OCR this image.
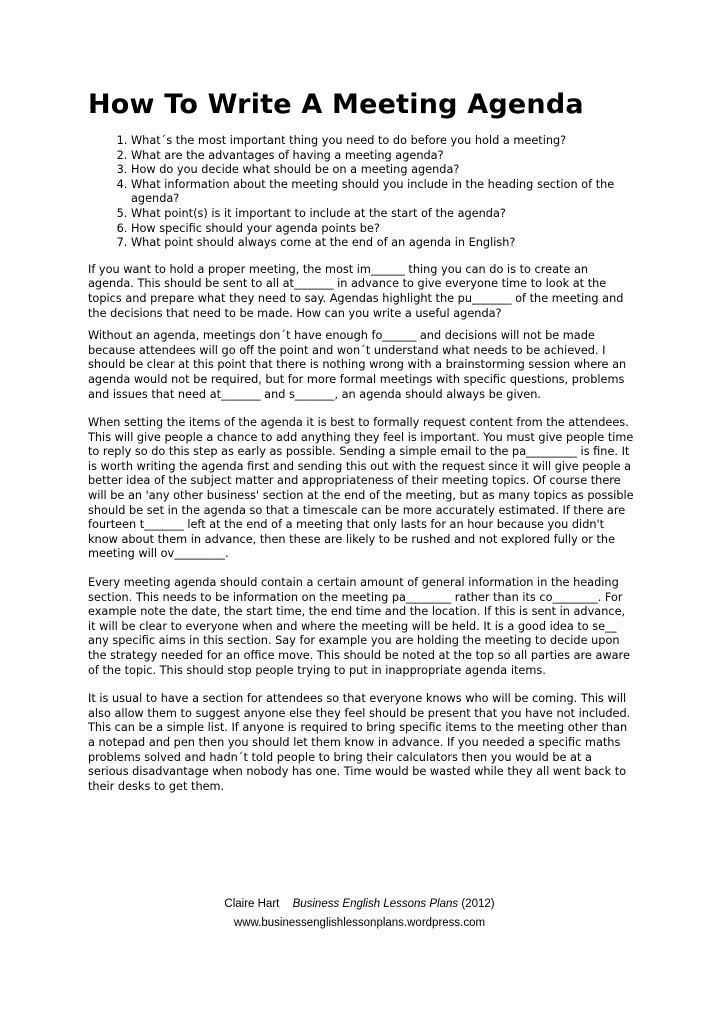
How To Write A Meeting Agenda
1. What´s the most important thing you need to do before you hold a meeting?
2. What are the advantages of having a meeting agenda?
3. How do you decide what should be on a meeting agenda?
4. What information about the meeting should you include in the heading section of the agenda?
5. What point(s) is it important to include at the start of the agenda?
6. How specific should your agenda points be?
7. What point should always come at the end of an agenda in English?

If you want to hold a proper meeting, the most im______ thing you can do is to create an agenda. This should be sent to all at_______ in advance to give everyone time to look at the topics and prepare what they need to say. Agendas highlight the pu_______ of the meeting and the decisions that need to be made. How can you write a useful agenda?

Without an agenda, meetings don´t have enough fo______ and decisions will not be made because attendees will go off the point and won´t understand what needs to be achieved. I should be clear at this point that there is nothing wrong with a brainstorming session where an agenda would not be required, but for more formal meetings with specific questions, problems and issues that need at_______ and s_______, an agenda should always be given.

When setting the items of the agenda it is best to formally request content from the attendees. This will give people a chance to add anything they feel is important. You must give people time to reply so do this step as early as possible. Sending a simple email to the pa_________ is fine. It is worth writing the agenda first and sending this out with the request since it will give people a better idea of the subject matter and appropriateness of their meeting topics. Of course there will be an 'any other business' section at the end of the meeting, but as many topics as possible should be set in the agenda so that a timescale can be more accurately estimated. If there are fourteen t_______ left at the end of a meeting that only lasts for an hour because you didn't know about them in advance, then these are likely to be rushed and not explored fully or the meeting will ov_________.

Every meeting agenda should contain a certain amount of general information in the heading section. This needs to be information on the meeting pa________ rather than its co________. For example note the date, the start time, the end time and the location. If this is sent in advance, it will be clear to everyone when and where the meeting will be held. It is a good idea to se__ any specific aims in this section. Say for example you are holding the meeting to decide upon the strategy needed for an office move. This should be noted at the top so all parties are aware of the topic. This should stop people trying to put in inappropriate agenda items.

It is usual to have a section for attendees so that everyone knows who will be coming. This will also allow them to suggest anyone else they feel should be present that you have not included. This can be a simple list. If anyone is required to bring specific items to the meeting other than a notepad and pen then you should let them know in advance. If you needed a specific maths problems solved and hadn´t told people to bring their calculators then you would be at a serious disadvantage when nobody has one. Time would be wasted while they all went back to their desks to get them.

Claire Hart Business English Lessons Plans (2012)
www.businessenglishlessonplans.wordpress.com
